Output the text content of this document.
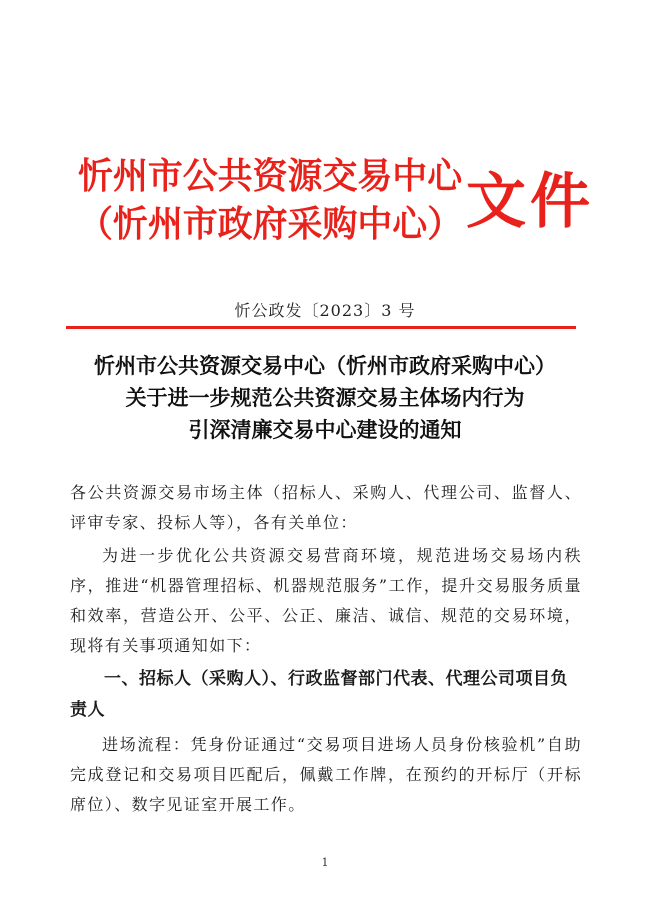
忻州市公共资源交易中心
（忻州市政府采购中心） 文件
忻公政发〔2023〕3 号
忻州市公共资源交易中心（忻州市政府采购中心）
关于进一步规范公共资源交易主体场内行为
引深清廉交易中心建设的通知

各公共资源交易市场主体（招标人、采购人、代理公司、监督人、评审专家、投标人等），各有关单位：

为进一步优化公共资源交易营商环境，规范进场交易场内秩序，推进“机器管理招标、机器规范服务”工作，提升交易服务质量和效率，营造公开、公平、公正、廉洁、诚信、规范的交易环境，现将有关事项通知如下：

一、招标人（采购人）、行政监督部门代表、代理公司项目负责人

进场流程：凭身份证通过“交易项目进场人员身份核验机”自助完成登记和交易项目匹配后，佩戴工作牌，在预约的开标厅（开标席位）、数字见证室开展工作。

1
